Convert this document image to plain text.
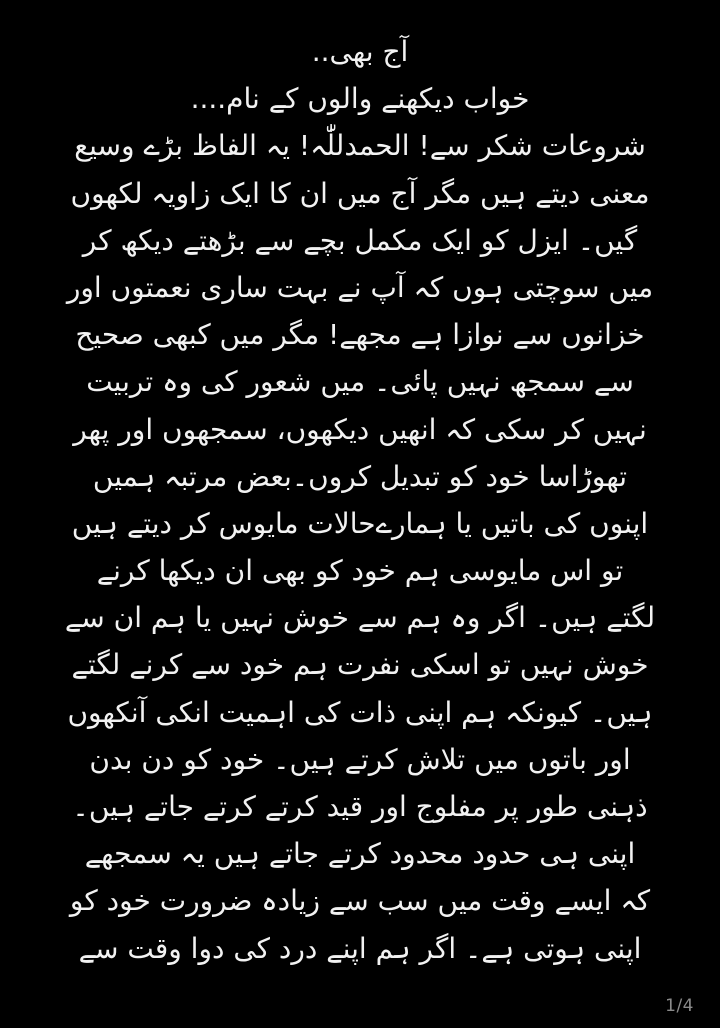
آج بھی..
خواب دیکھنے والوں کے نام....
شروعات شکر سے! الحمدللّٰہ! یہ الفاظ بڑے وسیع
معنی دیتے ہیں مگر آج میں ان کا ایک زاویہ لکھوں
گیں۔ ایزل کو ایک مکمل بچے سے بڑھتے دیکھ کر
میں سوچتی ہوں کہ آپ نے بہت ساری نعمتوں اور
خزانوں سے نوازا ہے مجھے! مگر میں کبھی صحیح
سے سمجھ نہیں پائی۔ میں شعور کی وہ تربیت
نہیں کر سکی کہ انھیں دیکھوں، سمجھوں اور پھر
تھوڑاسا خود کو تبدیل کروں۔بعض مرتبہ ہمیں
اپنوں کی باتیں یا ہمارےحالات مایوس کر دیتے ہیں
تو اس مایوسی ہم خود کو بھی ان دیکھا کرنے
لگتے ہیں۔ اگر وہ ہم سے خوش نہیں یا ہم ان سے
خوش نہیں تو اسکی نفرت ہم خود سے کرنے لگتے
ہیں۔ کیونکہ ہم اپنی ذات کی اہمیت انکی آنکھوں
اور باتوں میں تلاش کرتے ہیں۔ خود کو دن بدن
ذہنی طور پر مفلوج اور قید کرتے کرتے جاتے ہیں۔
اپنی ہی حدود محدود کرتے جاتے ہیں یہ سمجھے
کہ ایسے وقت میں سب سے زیادہ ضرورت خود کو
اپنی ہوتی ہے۔ اگر ہم اپنے درد کی دوا وقت سے
1/4
